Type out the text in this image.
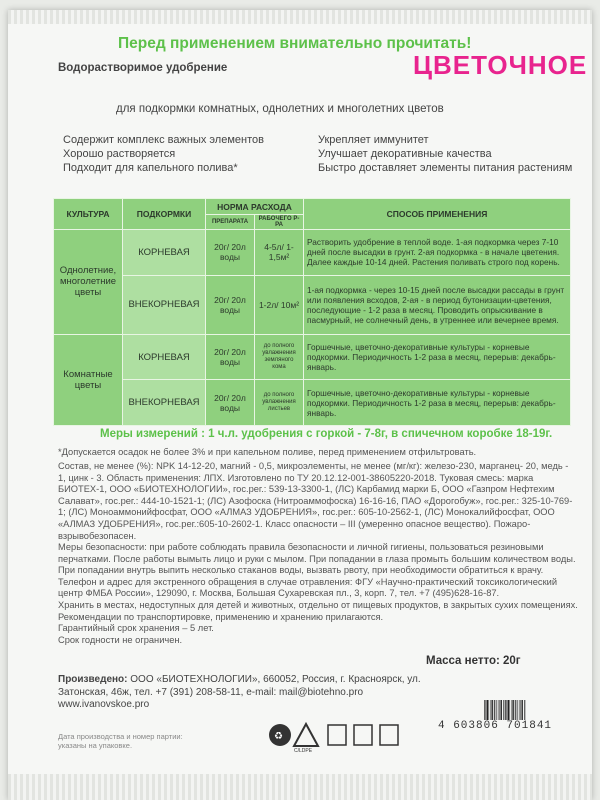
Перед применением внимательно прочитать!
ЦВЕТОЧНОЕ
Водорастворимое удобрение
для подкормки комнатных, однолетних и многолетних цветов
Содержит комплекс важных элементов
Хорошо растворяется
Подходит для капельного полива*
Укрепляет иммунитет
Улучшает декоративные качества
Быстро доставляет элементы питания растениям
КУЛЬТУРА	ПОДКОРМКИ	НОРМА РАСХОДА		СПОСОБ ПРИМЕНЕНИЯ
		ПРЕПАРАТА	РАБОЧЕГО Р-РА	
Однолетние, многолетние цветы	КОРНЕВАЯ	20г/ 20л воды	4-5л/ 1-1,5м²	Растворить удобрение в теплой воде. 1-ая подкормка через 7-10 дней после высадки в грунт. 2-ая подкормка - в начале цветения. Далее каждые 10-14 дней. Растения поливать строго под корень.
	ВНЕКОРНЕВАЯ	20г/ 20л воды	1-2л/ 10м²	1-ая подкормка - через 10-15 дней после высадки рассады в грунт или появления всходов, 2-ая - в период бутонизации-цветения, последующие - 1-2 раза в месяц. Проводить опрыскивание в пасмурный, не солнечный день, в утреннее или вечернее время.
Комнатные цветы	КОРНЕВАЯ	20г/ 20л воды	до полного увлажнения земляного кома	Горшечные, цветочно-декоративные культуры - корневые подкормки. Периодичность 1-2 раза в месяц, перерыв: декабрь-январь.
	ВНЕКОРНЕВАЯ	20г/ 20л воды	до полного увлажнения листьев	Горшечные, цветочно-декоративные культуры - корневые подкормки. Периодичность 1-2 раза в месяц, перерыв: декабрь-январь.
Меры измерений : 1 ч.л. удобрения с горкой - 7-8г, в спичечном коробке 18-19г.

*Допускается осадок не более 3% и при капельном поливе, перед применением отфильтровать.

Состав, не менее (%): NPK 14-12-20, магний - 0,5, микроэлементы, не менее (мг/кг): железо-230, марганец- 20, медь - 1, цинк - 3. Область применения: ЛПХ. Изготовлено по ТУ 20.12.12-001-38605220-2018. Туковая смесь: марка БИОТЕХ-1, ООО «БИОТЕХНОЛОГИИ», гос.рег.: 539-13-3300-1, (ЛС) Карбамид марки Б, ООО «Газпром Нефтехим Салават», гос.рег.: 444-10-1521-1; (ЛС) Азофоска (Нитроаммофоска) 16-16-16, ПАО «Дорогобуж», гос.рег.: 325-10-769-1; (ЛС) Монoаммонийфосфат, ООО «АЛМАЗ УДОБРЕНИЯ», гос.рег.: 605-10-2562-1, (ЛС) Монокалийфосфат, ООО «АЛМАЗ УДОБРЕНИЯ», гос.рег.:605-10-2602-1. Класс опасности – III (умеренно опасное вещество). Пожаро-взрывобезопасен.

Меры безопасности: при работе соблюдать правила безопасности и личной гигиены, пользоваться резиновыми перчатками. После работы вымыть лицо и руки с мылом. При попадании в глаза промыть большим количеством воды. При попадании внутрь выпить несколько стаканов воды, вызвать рвоту, при необходимости обратиться к врачу. Телефон и адрес для экстренного обращения в случае отравления: ФГУ «Научно-практический токсикологический центр ФМБА России», 129090, г. Москва, Большая Сухаревская пл., 3, корп. 7, тел. +7 (495)628-16-87.

Хранить в местах, недоступных для детей и животных, отдельно от пищевых продуктов, в закрытых сухих помещениях. Рекомендации по транспортировке, применению и хранению прилагаются.

Гарантийный срок хранения – 5 лет.

Срок годности не ограничен.

Масса нетто: 20г
Произведено: ООО «БИОТЕХНОЛОГИИ», 660052, Россия, г. Красноярск, ул. Затонская, 46ж, тел. +7 (391) 208-58-11, e-mail: mail@biotehno.pro www.ivanovskoe.pro
Дата производства и номер партии: указаны на упаковке.
♻
C/LDPE
4 603806 701841
